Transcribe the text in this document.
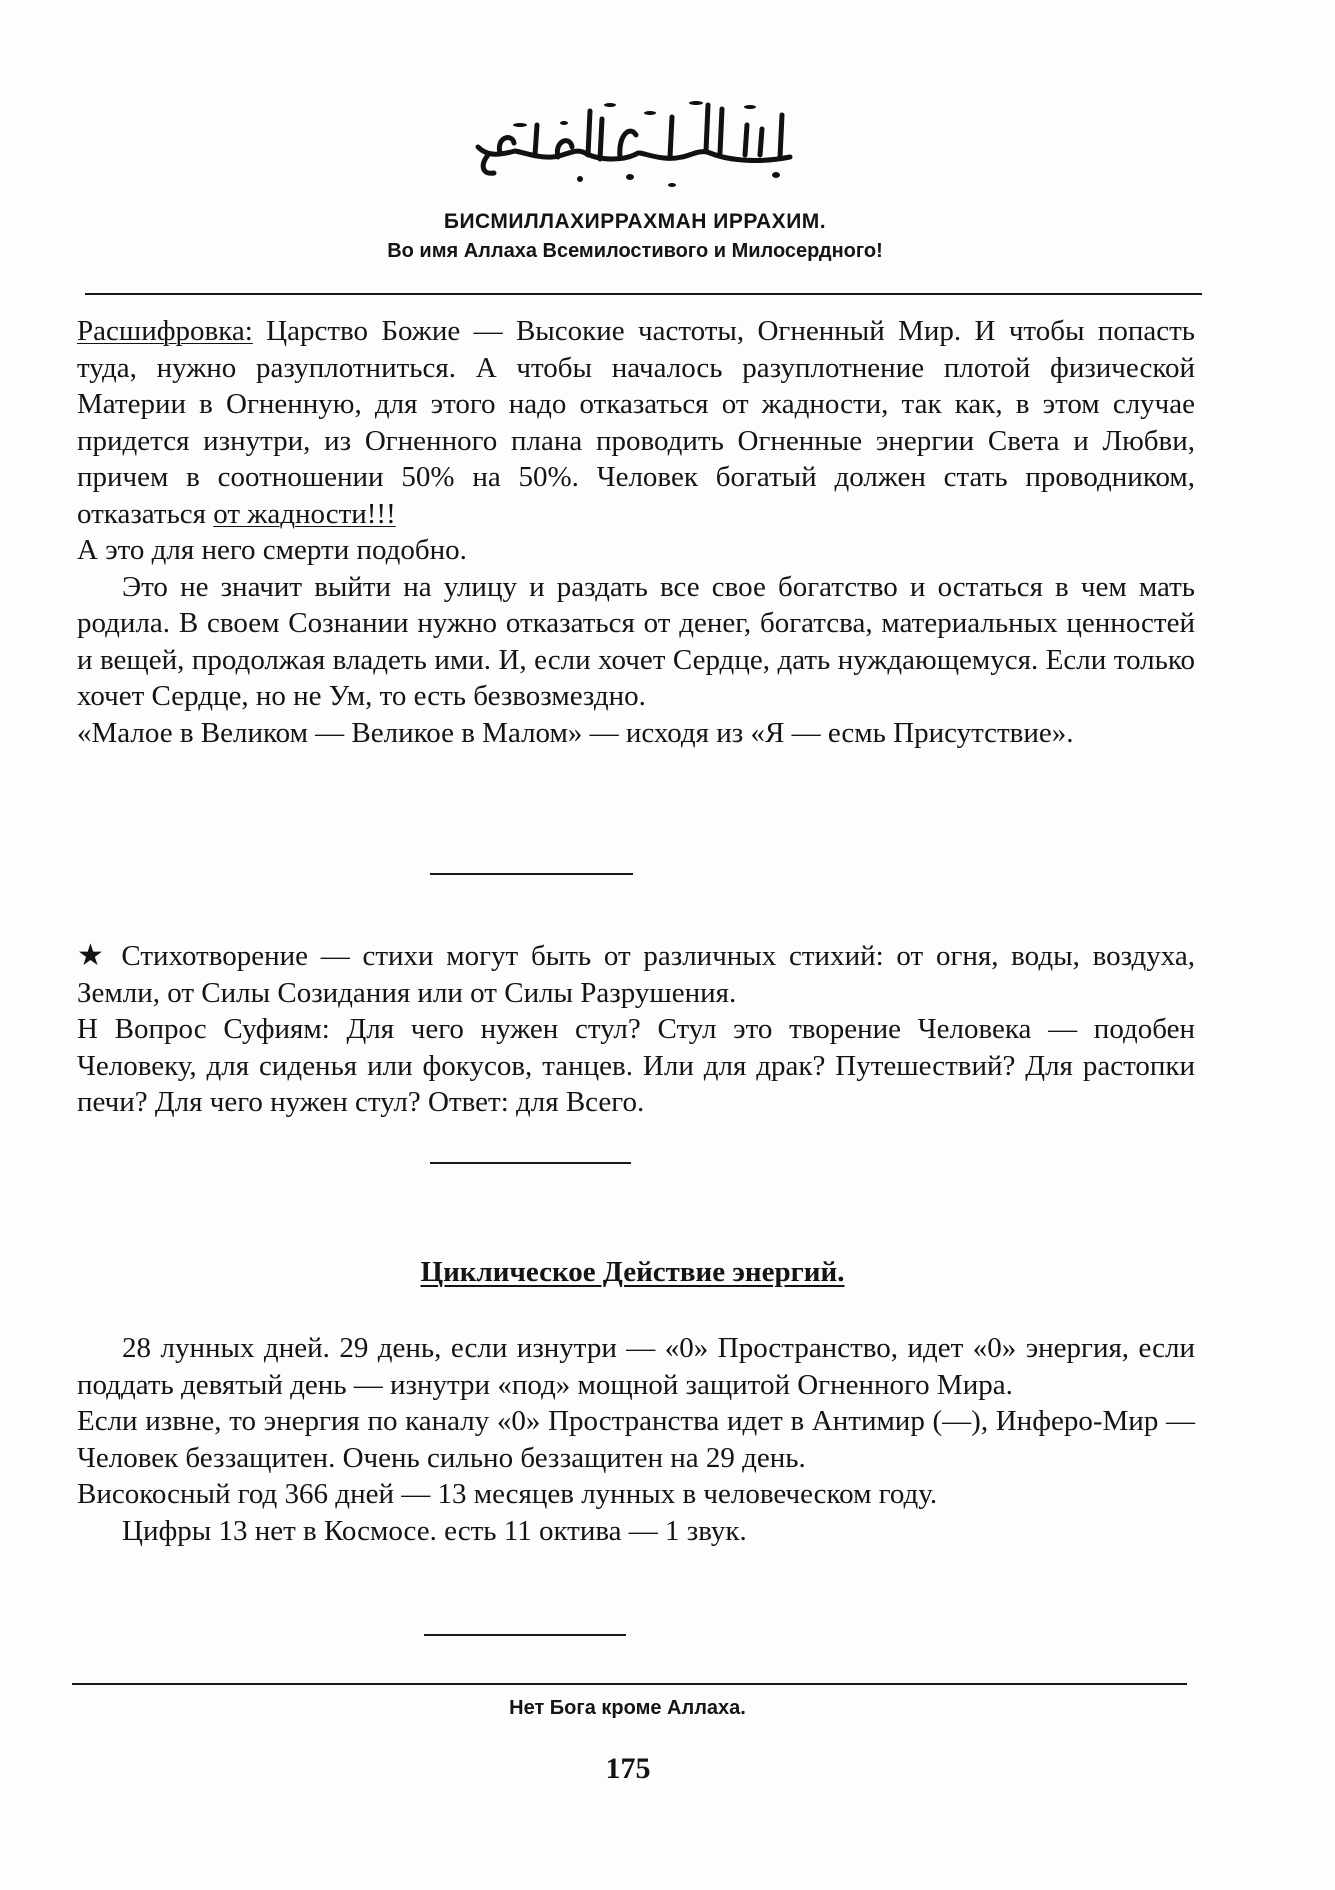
БИСМИЛЛАХИРРАХМАН ИРРАХИМ.
Во имя Аллаха Всемилостивого и Милосердного!

Расшифровка: Царство Божие — Высокие частоты, Огненный Мир. И чтобы попасть туда, нужно разуплотниться. А чтобы началось разуплотнение плотой физической Материи в Огненную, для этого надо отказаться от жадности, так как, в этом случае придется изнутри, из Огненного плана проводить Огненные энергии Света и Любви, причем в соотношении 50% на 50%. Человек богатый должен стать проводником, отказаться от жадности!!!

А это для него смерти подобно.

Это не значит выйти на улицу и раздать все свое богатство и остаться в чем мать родила. В своем Сознании нужно отказаться от денег, богатсва, материальных ценностей и вещей, продолжая владеть ими. И, если хочет Сердце, дать нуждающемуся. Если только хочет Сердце, но не Ум, то есть безвозмездно.

«Малое в Великом — Великое в Малом» — исходя из «Я — есмь Присутствие».

★ Стихотворение — стихи могут быть от различных стихий: от огня, воды, воздуха, Земли, от Силы Созидания или от Силы Разрушения.

Н Вопрос Суфиям: Для чего нужен стул? Стул это творение Человека — подобен Человеку, для сиденья или фокусов, танцев. Или для драк? Путешествий? Для растопки печи? Для чего нужен стул? Ответ: для Всего.

Циклическое Действие энергий.

28 лунных дней. 29 день, если изнутри — «0» Пространство, идет «0» энергия, если поддать девятый день — изнутри «под» мощной защитой Огненного Мира.

Если извне, то энергия по каналу «0» Пространства идет в Антимир (—), Инферо-Мир — Человек беззащитен. Очень сильно беззащитен на 29 день.

Високосный год 366 дней — 13 месяцев лунных в человеческом году.

Цифры 13 нет в Космосе. есть 11 октива — 1 звук.

Нет Бога кроме Аллаха.
175
